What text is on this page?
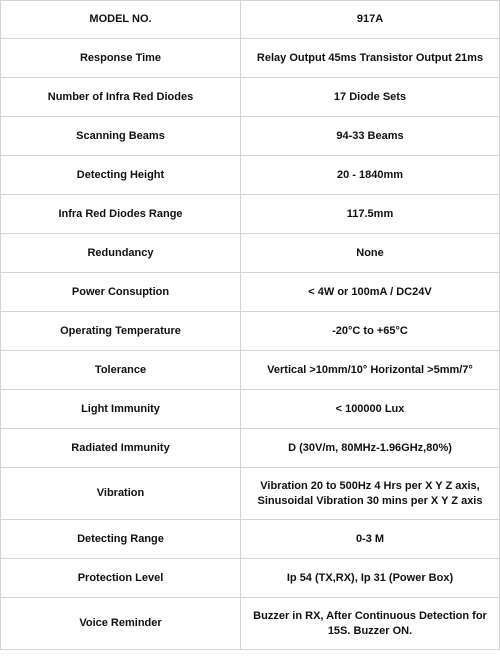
MODEL NO.	917A
Response Time	Relay Output 45ms Transistor Output 21ms
Number of Infra Red Diodes	17 Diode Sets
Scanning Beams	94-33 Beams
Detecting Height	20 - 1840mm
Infra Red Diodes Range	117.5mm
Redundancy	None
Power Consuption	< 4W or 100mA / DC24V
Operating Temperature	-20°C to +65°C
Tolerance	Vertical >10mm/10° Horizontal >5mm/7°
Light Immunity	< 100000 Lux
Radiated Immunity	D (30V/m, 80MHz-1.96GHz,80%)
Vibration	Vibration 20 to 500Hz 4 Hrs per X Y Z axis,
Sinusoidal Vibration 30 mins per X Y Z axis
Detecting Range	0-3 M
Protection Level	Ip 54 (TX,RX), Ip 31 (Power Box)
Voice Reminder	Buzzer in RX, After Continuous Detection for
15S. Buzzer ON.
